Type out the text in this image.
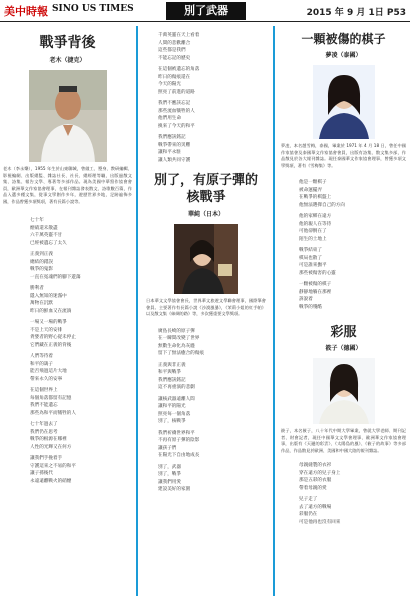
美中時報 SINO US TIMES	別了武器	2015 年 9 月 1日 P53
戰爭背後
老木（捷克）
老木（李永樂），1955 年生於山東聊城，曾做工、塑身、教研編輯、影視編劇、出版總監、雜誌社長、社長、總經理等職，出版過散文集、詩集、報告文學、專著等多部作品。現為美國中華寫作協會會員，歐洲華文作家協會理事，在報刊雜誌發表散文、詩歌數百篇，作品入選多種文集，從事文學創作多年，遊歷世界多地，足跡遍佈多國，作品曾獲多項獎項，著有長篇小說等。
七十年
煙硝還未散盡
六千萬英靈不甘
已經被遺忘了太久
正義到正義
總結的錯誤
戰爭的鬼影
一直在冤魂們的腳下遊蕩
勝利者
隱入無知的迷霧中
萬物在沉默
昨日的鮮血又在流淌
一場又一場的戰爭
不是上天的安排
貪婪者的野心從未停止
它們藏在正義的背後
人們等待着
和平的鴿子
能否飛過這片大地
帶來永久的安寧
在這個世界上
每個角落都留有記憶
我們不能遺忘
那些為和平而犧牲的人
七十年過去了
我們仍在思考
戰爭的根源在哪裡
人性的光輝又在何方
讓我們手挽着手
守護這來之不易的和平
讓子孫後代
永遠遠離戰火的硝煙
千萬英靈在天上看着
人間的悲歡離合
這些都是我們
不能忘記的歷史
在這個被遺忘的角落
昨日的傷痕還在
今天的陽光
照亮了前進的道路
我們不應該忘記
那些流血犧牲的人
他們用生命
換來了今天的和平
我們應該銘記
戰爭帶來的災難
讓和平永駐
讓人類共同守護
別了，有原子彈的核戰爭
華純（日本）
日本華文文學協會會長，世界華文旅遊文學聯會理事，國際筆會會員。主要著作有長篇小說《沙漠風暴》，《茉莉小姐的紅手帕》以及散文集《絲綢的路》等，多次獲重要文學獎項。
廣島長崎的原子彈
在一瞬間改變了世界
無數生命化為灰燼
留下了無法癒合的傷痕
正義與非正義
和平與戰爭
我們應該銘記
這不再重演的悲劇
讓核武器遠離人間
讓和平的陽光
照亮每一個角落
別了，核戰爭
我們祈禱世界和平
不再有原子彈的陰影
讓孩子們
在陽光下自由地成長
別了，武器
別了，戰爭
讓我們用愛
建設美好的家園
一顆被傷的棋子
夢凌（泰國）
夢凌，本名趙雪梅，泰國，畢業於 1971 年 4 月 18 日，曾任中國作家協會及泰國華文作家協會會員，出版有詩集、散文集多部，作品散見於各大報刊雜誌。現任泰國華文作家協會理事，曾獲多項文學獎項，著有《雪梅集》等。
他是一顆棋子
被命運擺弄
在戰爭的棋盤上
他無法選擇自己的方向
他的家鄉在遠方
他的親人在等待
可他卻倒在了
陌生的土地上
戰爭結束了
棋局也散了
可是誰來撫平
那些被傷害的心靈
一顆被傷的棋子
靜靜地躺在那裡
訴說着
戰爭的殘酷
彩服
筱子（德國）
筱子，本名筱子，八十年代中期大學畢業，曾就大學老師、期刊記者、財會記者，現任中國華文文學會理事、歐洲華文作家協會理事，出版有《天邊的彩雲》、《太陽島的風》、《筱子的故事》等多部作品，作品散見於歐洲、美國和中國大陸的報刊雜誌。
母親縫製的衣衫
穿在遠方的兒子身上
那是五彩的衣服
帶着母親的愛
兒子走了
去了遠方的戰場
彩服仍在
可是他再也沒有回來
